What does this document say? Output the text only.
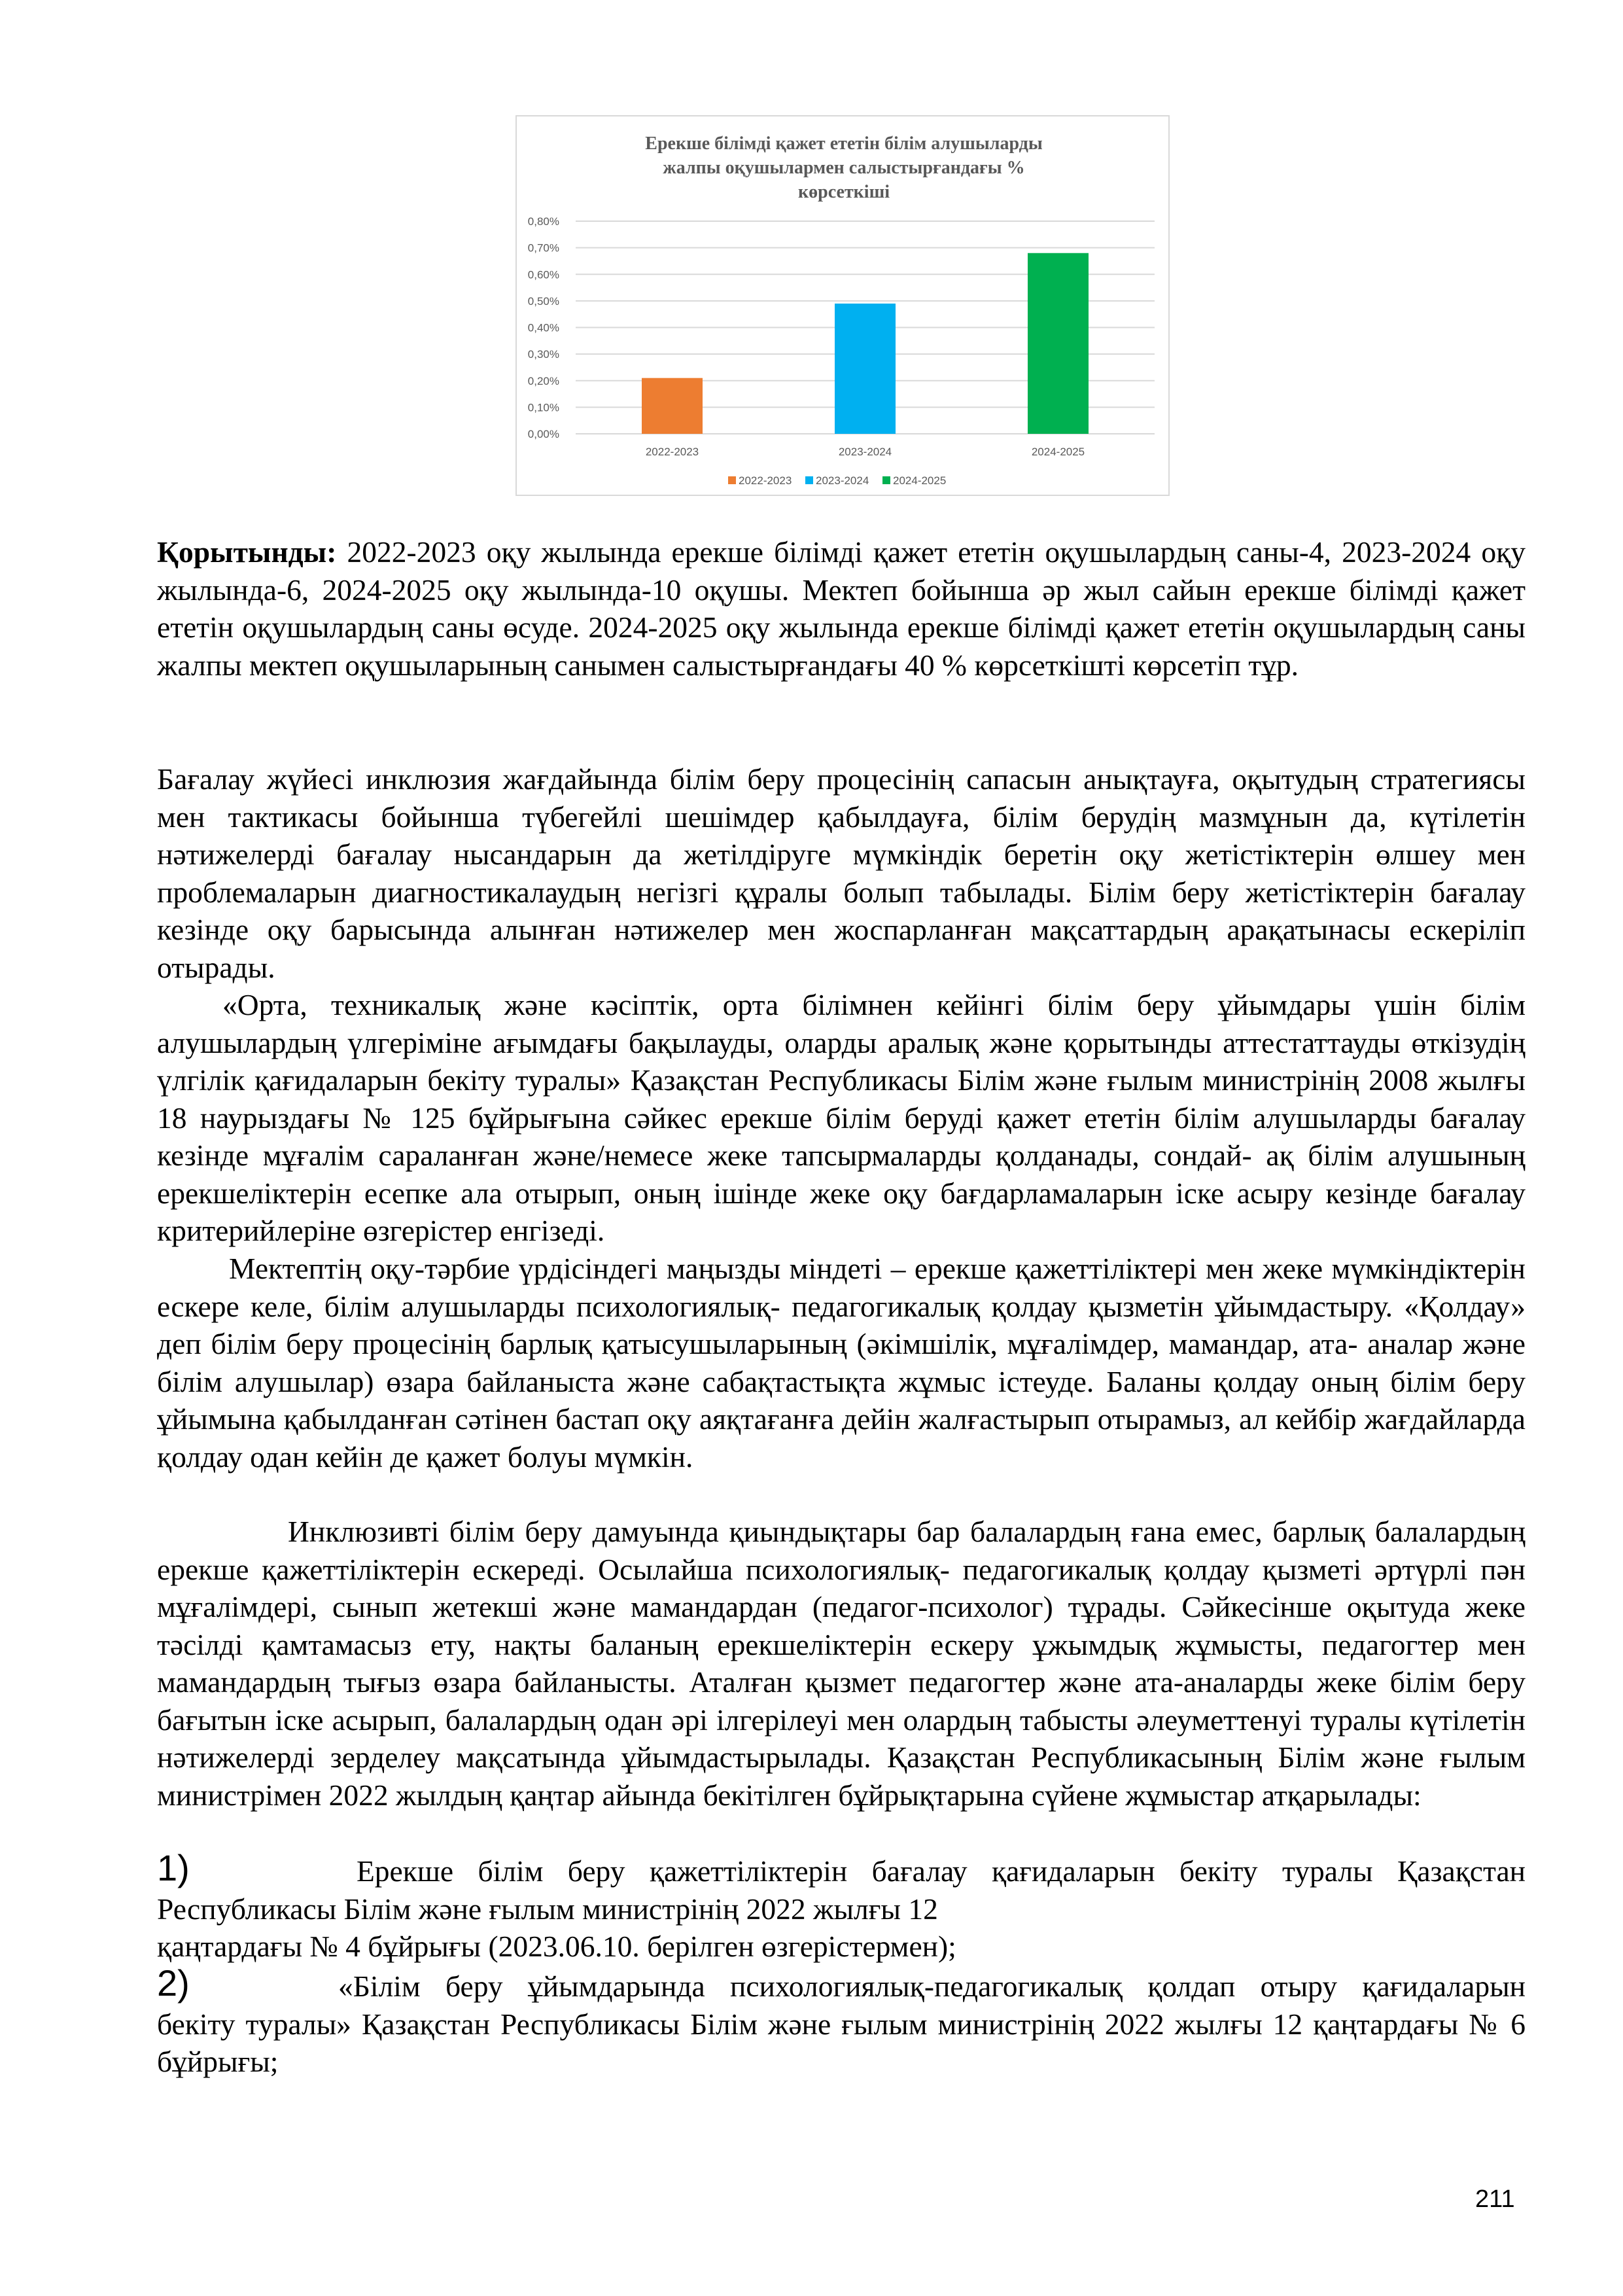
Ерекше білімді қажет ететін білім алушыларды
жалпы оқушылармен салыстырғандағы %
көрсеткіші
0,00%
0,10%
0,20%
0,30%
0,40%
0,50%
0,60%
0,70%
0,80%
2022-2023	2023-2024	2024-2025
2022-2023 2023-2024 2024-2025

Қорытынды: 2022-2023 оқу жылында ерекше білімді қажет ететін оқушылардың саны-4, 2023-2024 оқу жылында-6, 2024-2025 оқу жылында-10 оқушы. Мектеп бойынша әр жыл сайын ерекше білімді қажет ететін оқушылардың саны өсуде. 2024-2025 оқу жылында ерекше білімді қажет ететін оқушылардың саны жалпы мектеп оқушыларының санымен салыстырғандағы 40 % көрсеткішті көрсетіп тұр.

Бағалау жүйесі инклюзия жағдайында білім беру процесінің сапасын анықтауға, оқытудың стратегиясы мен тактикасы бойынша түбегейлі шешімдер қабылдауға, білім берудің мазмұнын да, күтілетін нәтижелерді бағалау нысандарын да жетілдіруге мүмкіндік беретін оқу жетістіктерін өлшеу мен проблемаларын диагностикалаудың негізгі құралы болып табылады. Білім беру жетістіктерін бағалау кезінде оқу барысында алынған нәтижелер мен жоспарланған мақсаттардың арақатынасы ескеріліп отырады.

«Орта, техникалық және кәсіптік, орта білімнен кейінгі білім беру ұйымдары үшін білім алушылардың үлгеріміне ағымдағы бақылауды, оларды аралық және қорытынды аттестаттауды өткізудің үлгілік қағидаларын бекіту туралы» Қазақстан Республикасы Білім және ғылым министрінің 2008 жылғы 18 наурыздағы № 125 бұйрығына сәйкес ерекше білім беруді қажет ететін білім алушыларды бағалау кезінде мұғалім сараланған және/немесе жеке тапсырмаларды қолданады, сондай- ақ білім алушының ерекшеліктерін есепке ала отырып, оның ішінде жеке оқу бағдарламаларын іске асыру кезінде бағалау критерийлеріне өзгерістер енгізеді.

Мектептің оқу-тәрбие үрдісіндегі маңызды міндеті – ерекше қажеттіліктері мен жеке мүмкіндіктерін ескере келе, білім алушыларды психологиялық- педагогикалық қолдау қызметін ұйымдастыру. «Қолдау» деп білім беру процесінің барлық қатысушыларының (әкімшілік, мұғалімдер, мамандар, ата- аналар және білім алушылар) өзара байланыста және сабақтастықта жұмыс істеуде. Баланы қолдау оның білім беру ұйымына қабылданған сәтінен бастап оқу аяқтағанға дейін жалғастырып отырамыз, ал кейбір жағдайларда қолдау одан кейін де қажет болуы мүмкін.

Инклюзивті білім беру дамуында қиындықтары бар балалардың ғана емес, барлық балалардың ерекше қажеттіліктерін ескереді. Осылайша психологиялық- педагогикалық қолдау қызметі әртүрлі пән мұғалімдері, сынып жетекші және мамандардан (педагог-психолог) тұрады. Сәйкесінше оқытуда жеке тәсілді қамтамасыз ету, нақты баланың ерекшеліктерін ескеру ұжымдық жұмысты, педагогтер мен мамандардың тығыз өзара байланысты. Аталған қызмет педагогтер және ата-аналарды жеке білім беру бағытын іске асырып, балалардың одан әрі ілгерілеуі мен олардың табысты әлеуметтенуі туралы күтілетін нәтижелерді зерделеу мақсатында ұйымдастырылады. Қазақстан Республикасының Білім және ғылым министрімен 2022 жылдың қаңтар айында бекітілген бұйрықтарына сүйене жұмыстар атқарылады:

1)	Ерекше білім беру қажеттіліктерін бағалау қағидаларын бекіту туралы Қазақстан

Республикасы Білім және ғылым министрінің 2022 жылғы 12

қаңтардағы № 4 бұйрығы (2023.06.10. берілген өзгерістермен);

2)	«Білім беру ұйымдарында психологиялық-педагогикалық қолдап отыру қағидаларын

бекіту туралы» Қазақстан Республикасы Білім және ғылым министрінің 2022 жылғы 12 қаңтардағы № 6 бұйрығы;

211
